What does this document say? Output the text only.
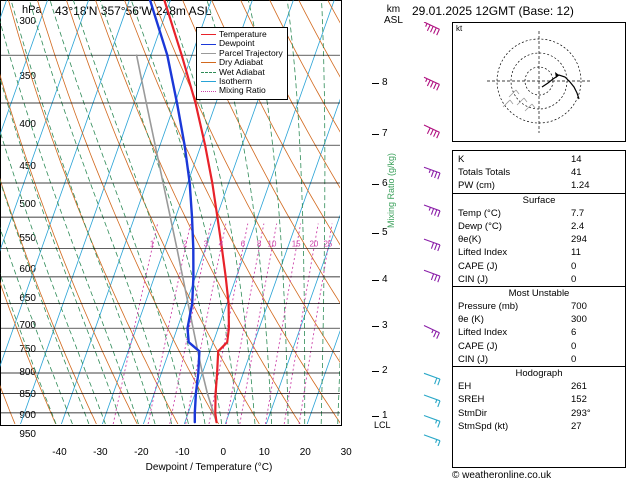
hPa 43°18'N 357°56'W 248m ASL	km
ASL
29.01.2025 12GMT (Base: 12)
300
350
400
450
500
550
600
650
700
750
800
850
900
950
1	2 3 4 6 8 10 15 20 25
Temperature
Dewpoint
Parcel Trajectory
Dry Adiabat
Wet Adiabat
Isotherm
Mixing Ratio
-40	-30	-20	-10	0	10	20	30
Dewpoint / Temperature (°C)
8
7
6
5
4
3
2
1
Mixing Ratio (g/kg)
LCL
kt
K	14
Totals Totals	41
PW (cm)	1.24
Surface
Temp (°C)	7.7
Dewp (°C)	2.4
θe(K)	294
Lifted Index	11
CAPE (J)	0
CIN (J)	0
Most Unstable
Pressure (mb)	700
θe (K)	300
Lifted Index	6
CAPE (J)	0
CIN (J)	0
Hodograph
EH	261
SREH	152
StmDir	293°
StmSpd (kt)	27
© weatheronline.co.uk
